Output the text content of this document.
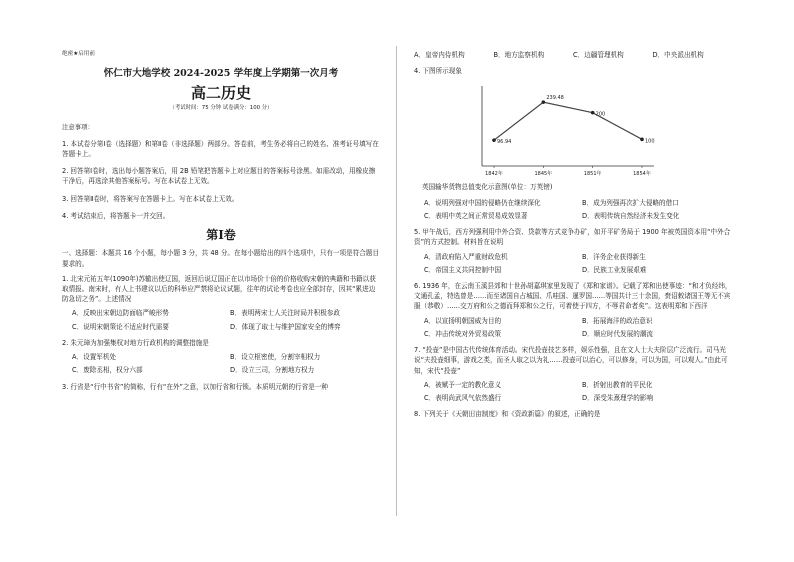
绝密★启用前
怀仁市大地学校 2024-2025 学年度上学期第一次月考
高二历史
（考试时间：75 分钟 试卷满分：100 分）
注意事项：
1. 本试卷分第Ⅰ卷（选择题）和第Ⅱ卷（非选择题）两部分。答卷前，考生务必将自己的姓名、准考证号填写在答题卡上。
2. 回答第Ⅰ卷时，选出每小题答案后，用 2B 铅笔把答题卡上对应题目的答案标号涂黑。如需改动，用橡皮擦干净后，再选涂其他答案标号。写在本试卷上无效。
3. 回答第Ⅱ卷时，将答案写在答题卡上。写在本试卷上无效。
4. 考试结束后，将答题卡一并交回。
第Ⅰ卷
一、选择题：本题共 16 个小题，每小题 3 分，共 48 分。在每小题给出的四个选项中，只有一项是符合题目要求的。
1. 北宋元祐五年(1090年)苏辙出使辽国，返回后说辽国正在以市场价十倍的价格收购宋朝的典籍和书籍以获取情报。南宋时，有人上书建议以后的科举应严禁将论议试题，往年的试论考卷也应全部封存，因其“累进边防急切之务”。上述情况
A．反映出宋朝边防面临严峻形势	B．表明两宋士人关注时局并积极参政
C．说明宋朝策论不适应时代需要	D．体现了取士与维护国家安全的博弈
2. 朱元璋为加强集权对地方行政机构的调整措施是
A．设置军机处	B．设立枢密使，分割宰相权力
C．废除丞相，权分六部	D．设立三司，分割地方权力
3. 行省是“行中书省”的简称，行有“在外”之意，以加行省和行锁。本质明元朝的行省是一种
A．皇帝内侍机构	B．地方监察机构	C．边疆管理机构	D．中央派出机构
4. 下图所示现象
96.94
1842年
239.48
1845年
200
1851年
100
1854年
英国输华货物总值变化示意图(单位：万英镑)
A．说明列强对中国的侵略仍在继续深化	B．成为列强再次扩大侵略的借口
C．表明中英之间正常贸易成效显著	D．表明传统自然经济未发生变化
5. 甲午战后，西方列强利用中外合资、贷款等方式竞争办矿，如开平矿务局于 1900 年被英国资本用“中外合资”的方式控制。材料旨在说明
A．清政府陷入严重财政危机	B．洋务企业获得新生
C．帝国主义共同控制中国	D．民族工业发展艰难
6. 1936 年，在云南玉溪县郊和十世孙胡嘉琪家里发现了《郑和家谱》。记载了郑和出使事迹：“和才负经纬，文通孔孟，特选曾是……而至诸国自占城国、爪哇国、暹罗国……等国共计三十余国，赍诏敕诸国王等无不宾服（恭敬）……交万府和公之德而拜郑和公之行，可着使于四方，不辱君命者矣”。这表明郑和下西洋
A．以宣扬明朝国威为目的	B．拓展海洋的政治意识
C．冲击传统对外贸易政策	D．顺应时代发展的潮流
7. “投壶”是中国古代传统体育活动。宋代投壶技艺多样，娱乐性强，且在文人士大夫阶层广泛流行。司马光说“夫投壶细事，游戏之类，而圣人取之以为礼……投壶可以治心，可以修身，可以为国，可以观人。”由此可知，宋代“投壶”
A．被赋予一定的教化意义	B．折射出教育的平民化
C．表明尚武风气依然盛行	D．深受朱熹理学的影响
8. 下列关于《天朝田亩制度》和《资政新篇》的叙述，正确的是
